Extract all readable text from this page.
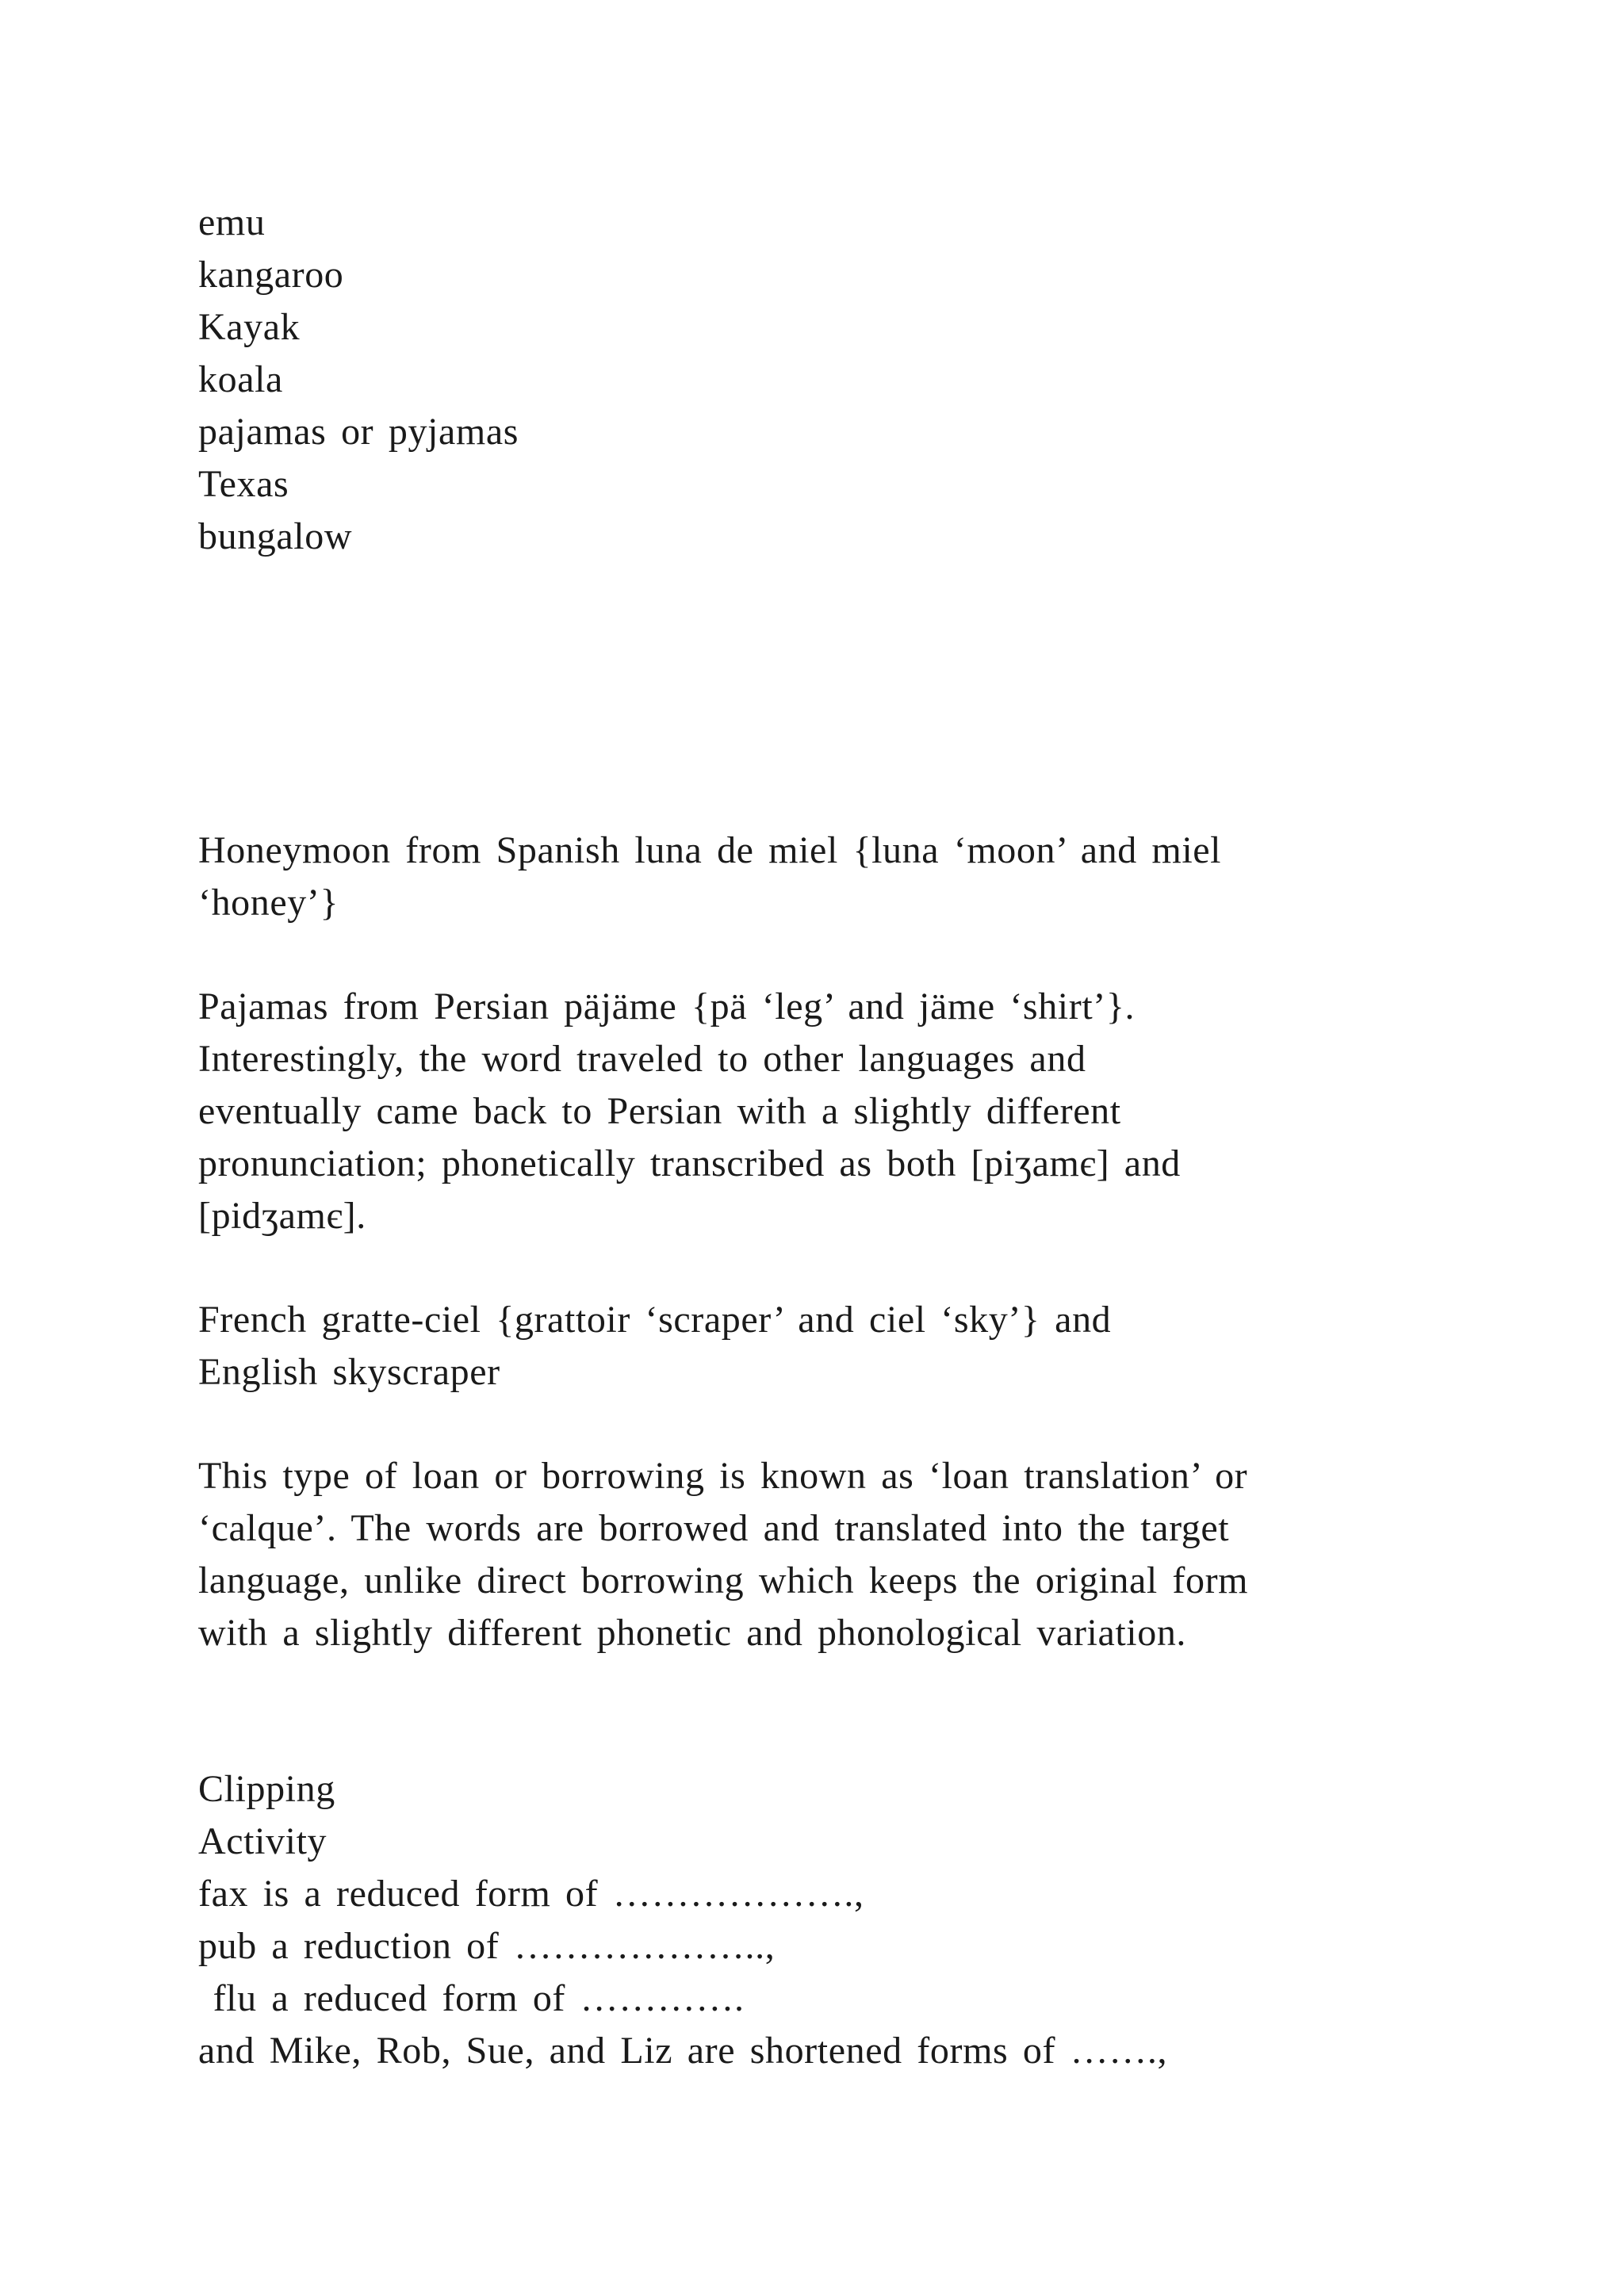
emu

kangaroo

Kayak

koala

pajamas or pyjamas

Texas

bungalow

Honeymoon from Spanish luna de miel {luna ‘moon’ and miel

‘honey’}

Pajamas from Persian päjäme {pä ‘leg’ and jäme ‘shirt’}.

Interestingly, the word traveled to other languages and

eventually came back to Persian with a slightly different

pronunciation; phonetically transcribed as both [piʒamє] and

[pidʒamє].

French gratte-ciel {grattoir ‘scraper’ and ciel ‘sky’} and

English skyscraper

This type of loan or borrowing is known as ‘loan translation’ or

‘calque’. The words are borrowed and translated into the target

language, unlike direct borrowing which keeps the original form

with a slightly different phonetic and phonological variation.

Clipping

Activity

fax is a reduced form of ……………….,

pub a reduction of ………………..,

flu a reduced form of ………….

and Mike, Rob, Sue, and Liz are shortened forms of …….,
